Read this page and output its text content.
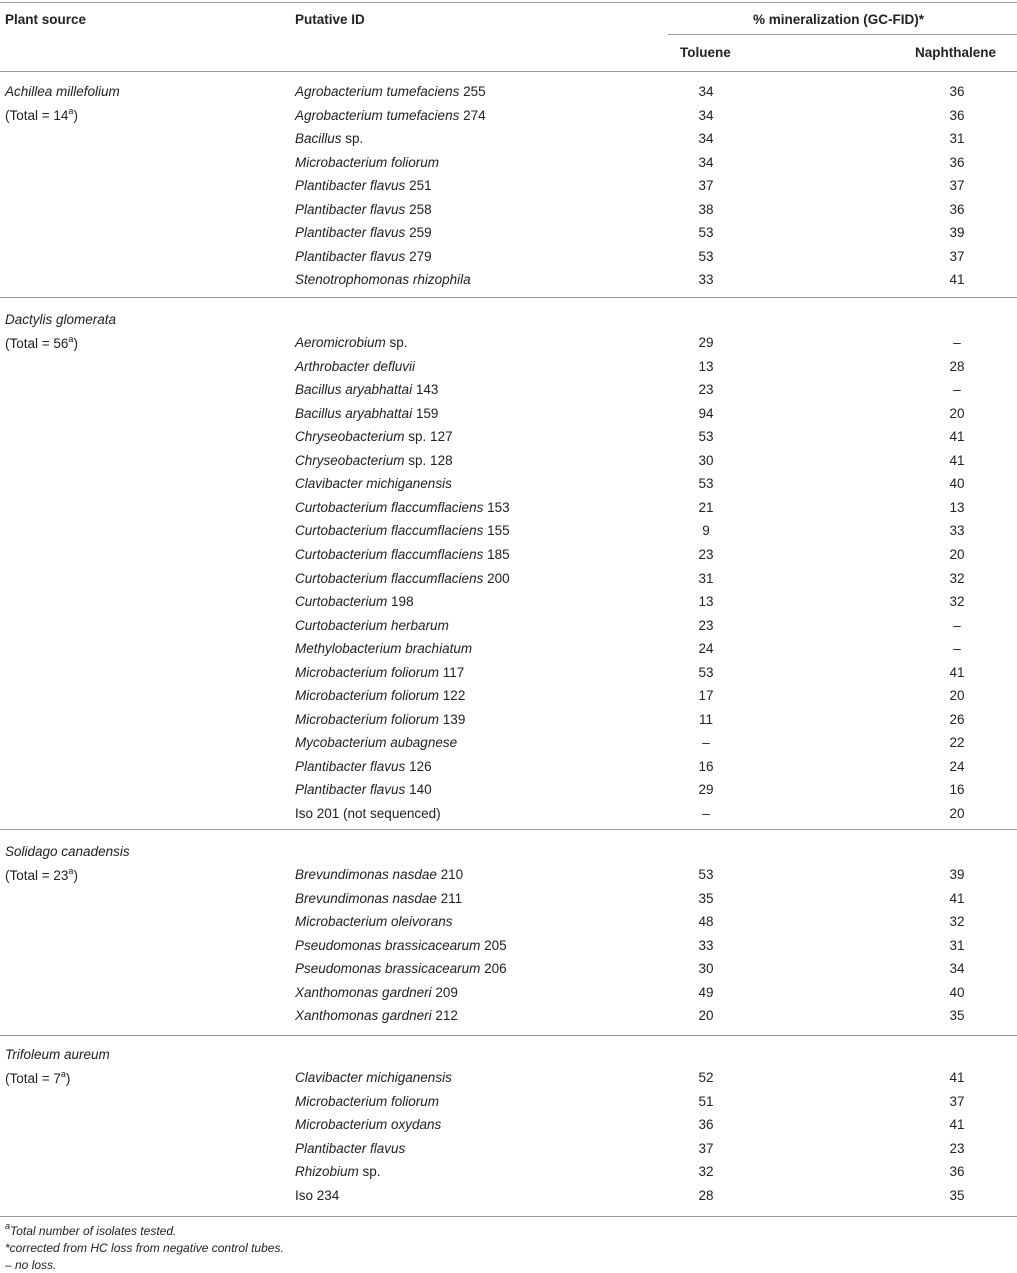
Plant source	Putative ID	% mineralization (GC-FID)*
Toluene	Naphthalene
Achillea millefolium
(Total = $14^a$)
Agrobacterium tumefaciens 255	34	36
Agrobacterium tumefaciens 274	34	36
Bacillus sp.	34	31
Microbacterium foliorum	34	36
Plantibacter flavus 251	37	37
Plantibacter flavus 258	38	36
Plantibacter flavus 259	53	39
Plantibacter flavus 279	53	37
Stenotrophomonas rhizophila	33	41
Dactylis glomerata
(Total = $56^a$)	Aeromicrobium sp.	29	–
Arthrobacter defluvii	13	28
Bacillus aryabhattai 143	23	–
Bacillus aryabhattai 159	94	20
Chryseobacterium sp. 127	53	41
Chryseobacterium sp. 128	30	41
Clavibacter michiganensis	53	40
Curtobacterium flaccumflaciens 153	21	13
Curtobacterium flaccumflaciens 155	9	33
Curtobacterium flaccumflaciens 185	23	20
Curtobacterium flaccumflaciens 200	31	32
Curtobacterium 198	13	32
Curtobacterium herbarum	23	–
Methylobacterium brachiatum	24	–
Microbacterium foliorum 117	53	41
Microbacterium foliorum 122	17	20
Microbacterium foliorum 139	11	26
Mycobacterium aubagnese	–	22
Plantibacter flavus 126	16	24
Plantibacter flavus 140	29	16
Iso 201 (not sequenced)	–	20
Solidago canadensis
(Total = $23^a$)	Brevundimonas nasdae 210	53	39
Brevundimonas nasdae 211	35	41
Microbacterium oleivorans	48	32
Pseudomonas brassicacearum 205	33	31
Pseudomonas brassicacearum 206	30	34
Xanthomonas gardneri 209	49	40
Xanthomonas gardneri 212	20	35
Trifoleum aureum
(Total = $7^a$)	Clavibacter michiganensis	52	41
Microbacterium foliorum	51	37
Microbacterium oxydans	36	41
Plantibacter flavus	37	23
Rhizobium sp.	32	36
Iso 234	28	35
$^a$Total number of isolates tested.
*corrected from HC loss from negative control tubes.
– no loss.
